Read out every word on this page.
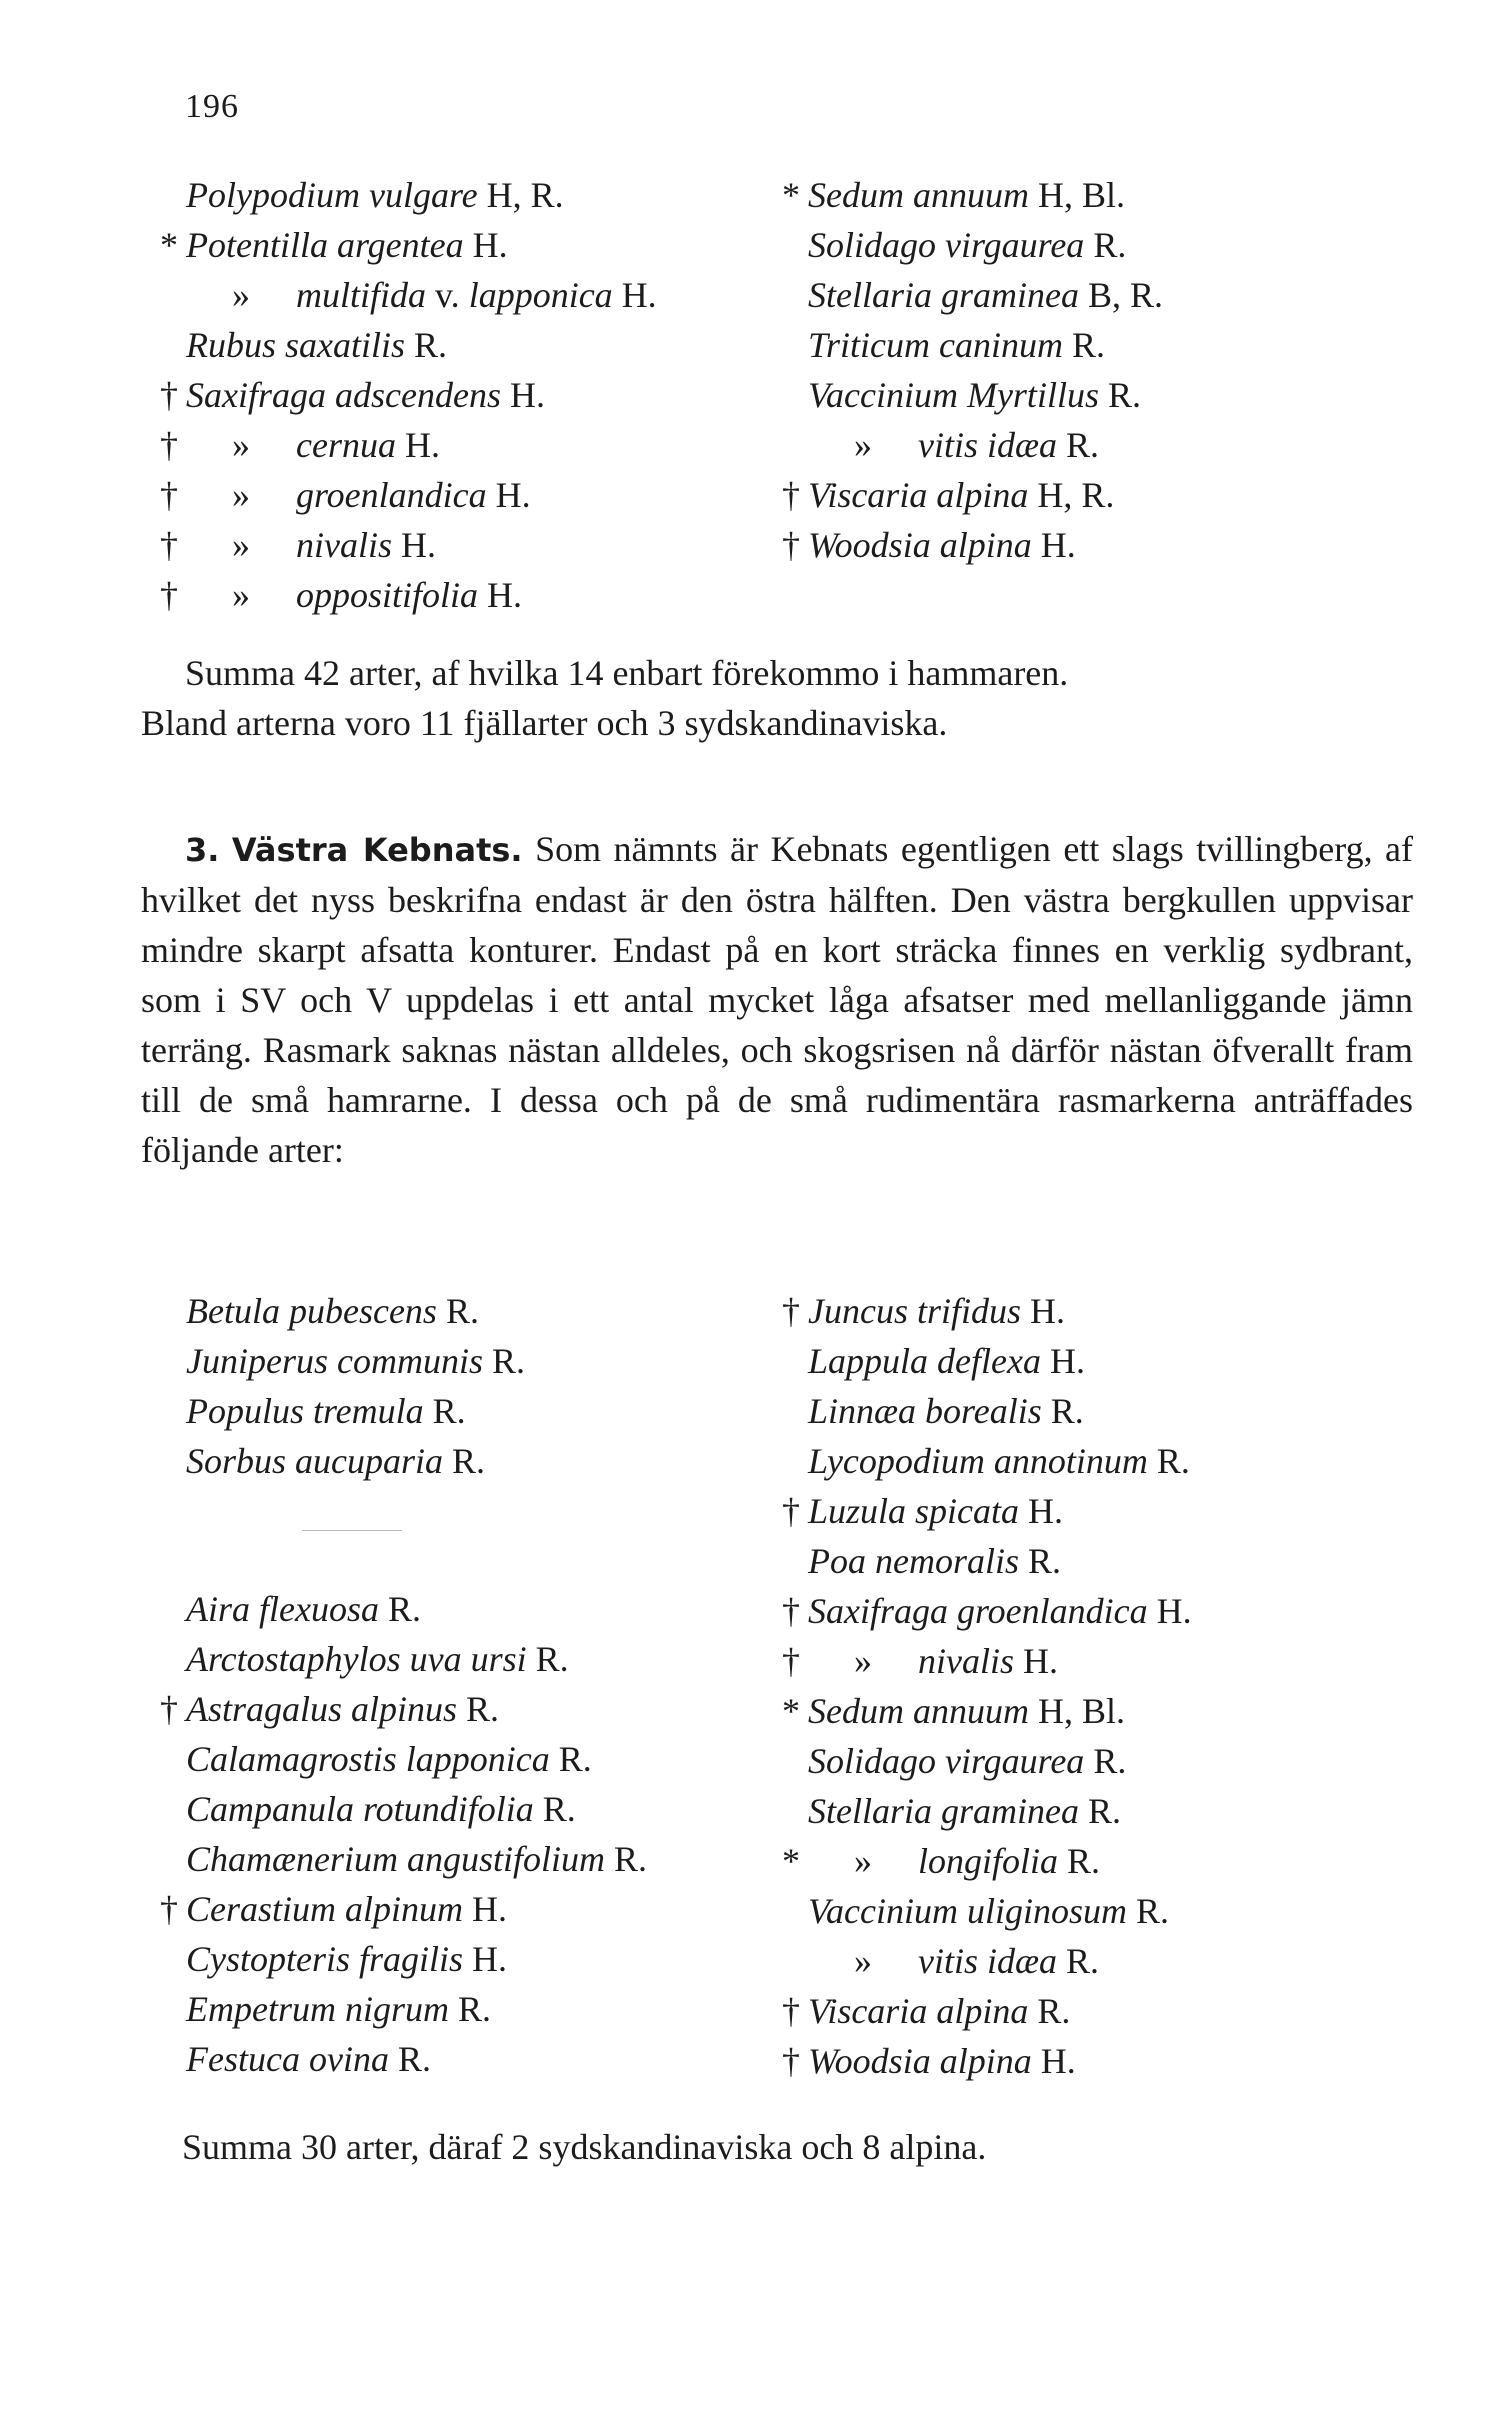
196
Polypodium vulgare H, R.
* Potentilla argentea H.
» multifida v. lapponica H.
Rubus saxatilis R.
† Saxifraga adscendens H.
† » cernua H.
† » groenlandica H.
† » nivalis H.
† » oppositifolia H.
* Sedum annuum H, Bl.
Solidago virgaurea R.
Stellaria graminea B, R.
Triticum caninum R.
Vaccinium Myrtillus R.
» vitis idæa R.
† Viscaria alpina H, R.
† Woodsia alpina H.
Summa 42 arter, af hvilka 14 enbart förekommo i hammaren.
Bland arterna voro 11 fjällarter och 3 sydskandinaviska.
3. Västra Kebnats. Som nämnts är Kebnats egentligen ett slags tvillingberg, af hvilket det nyss beskrifna endast är den östra hälften. Den västra bergkullen uppvisar mindre skarpt afsatta konturer. Endast på en kort sträcka finnes en verklig sydbrant, som i SV och V uppdelas i ett antal mycket låga afsatser med mellanliggande jämn terräng. Rasmark saknas nästan alldeles, och skogsrisen nå därför nästan öfverallt fram till de små hamrarne. I dessa och på de små rudimentära rasmarkerna anträffades följande arter:
Betula pubescens R.
Juniperus communis R.
Populus tremula R.
Sorbus aucuparia R.
Aira flexuosa R.
Arctostaphylos uva ursi R.
† Astragalus alpinus R.
Calamagrostis lapponica R.
Campanula rotundifolia R.
Chamænerium angustifolium R.
† Cerastium alpinum H.
Cystopteris fragilis H.
Empetrum nigrum R.
Festuca ovina R.
† Juncus trifidus H.
Lappula deflexa H.
Linnæa borealis R.
Lycopodium annotinum R.
† Luzula spicata H.
Poa nemoralis R.
† Saxifraga groenlandica H.
† » nivalis H.
* Sedum annuum H, Bl.
Solidago virgaurea R.
Stellaria graminea R.
* » longifolia R.
Vaccinium uliginosum R.
» vitis idæa R.
† Viscaria alpina R.
† Woodsia alpina H.
Summa 30 arter, däraf 2 sydskandinaviska och 8 alpina.
